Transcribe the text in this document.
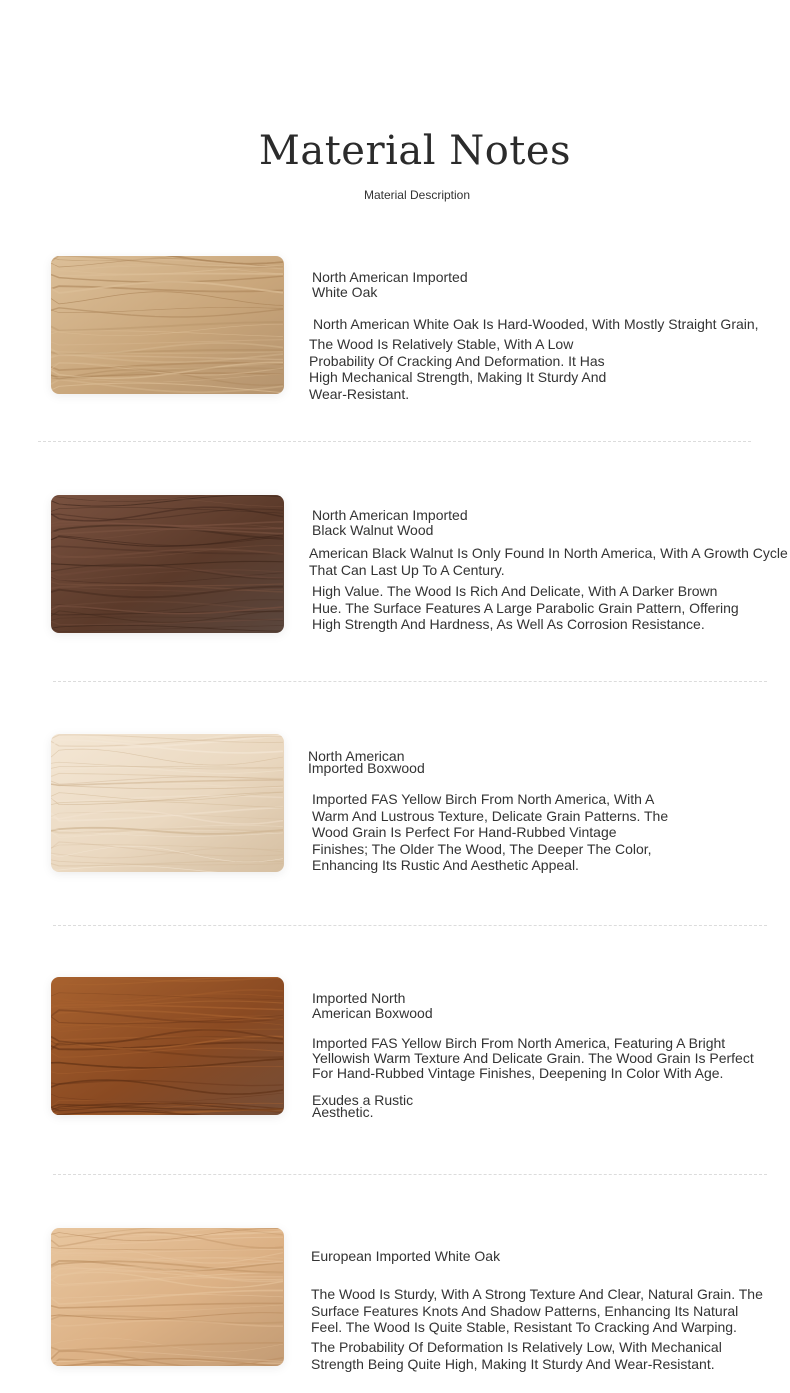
Material Notes

Material Description

North American Imported
White Oak

North American White Oak Is Hard-Wooded, With Mostly Straight Grain,

The Wood Is Relatively Stable, With A Low
Probability Of Cracking And Deformation. It Has
High Mechanical Strength, Making It Sturdy And
Wear-Resistant.

North American Imported
Black Walnut Wood

American Black Walnut Is Only Found In North America, With A Growth Cycle
That Can Last Up To A Century.

High Value. The Wood Is Rich And Delicate, With A Darker Brown
Hue. The Surface Features A Large Parabolic Grain Pattern, Offering
High Strength And Hardness, As Well As Corrosion Resistance.

North American
Imported Boxwood

Imported FAS Yellow Birch From North America, With A
Warm And Lustrous Texture, Delicate Grain Patterns. The
Wood Grain Is Perfect For Hand-Rubbed Vintage
Finishes; The Older The Wood, The Deeper The Color,
Enhancing Its Rustic And Aesthetic Appeal.

Imported North
American Boxwood

Imported FAS Yellow Birch From North America, Featuring A Bright
Yellowish Warm Texture And Delicate Grain. The Wood Grain Is Perfect
For Hand-Rubbed Vintage Finishes, Deepening In Color With Age.

Exudes a Rustic
Aesthetic.

European Imported White Oak

The Wood Is Sturdy, With A Strong Texture And Clear, Natural Grain. The
Surface Features Knots And Shadow Patterns, Enhancing Its Natural
Feel. The Wood Is Quite Stable, Resistant To Cracking And Warping.

The Probability Of Deformation Is Relatively Low, With Mechanical
Strength Being Quite High, Making It Sturdy And Wear-Resistant.
